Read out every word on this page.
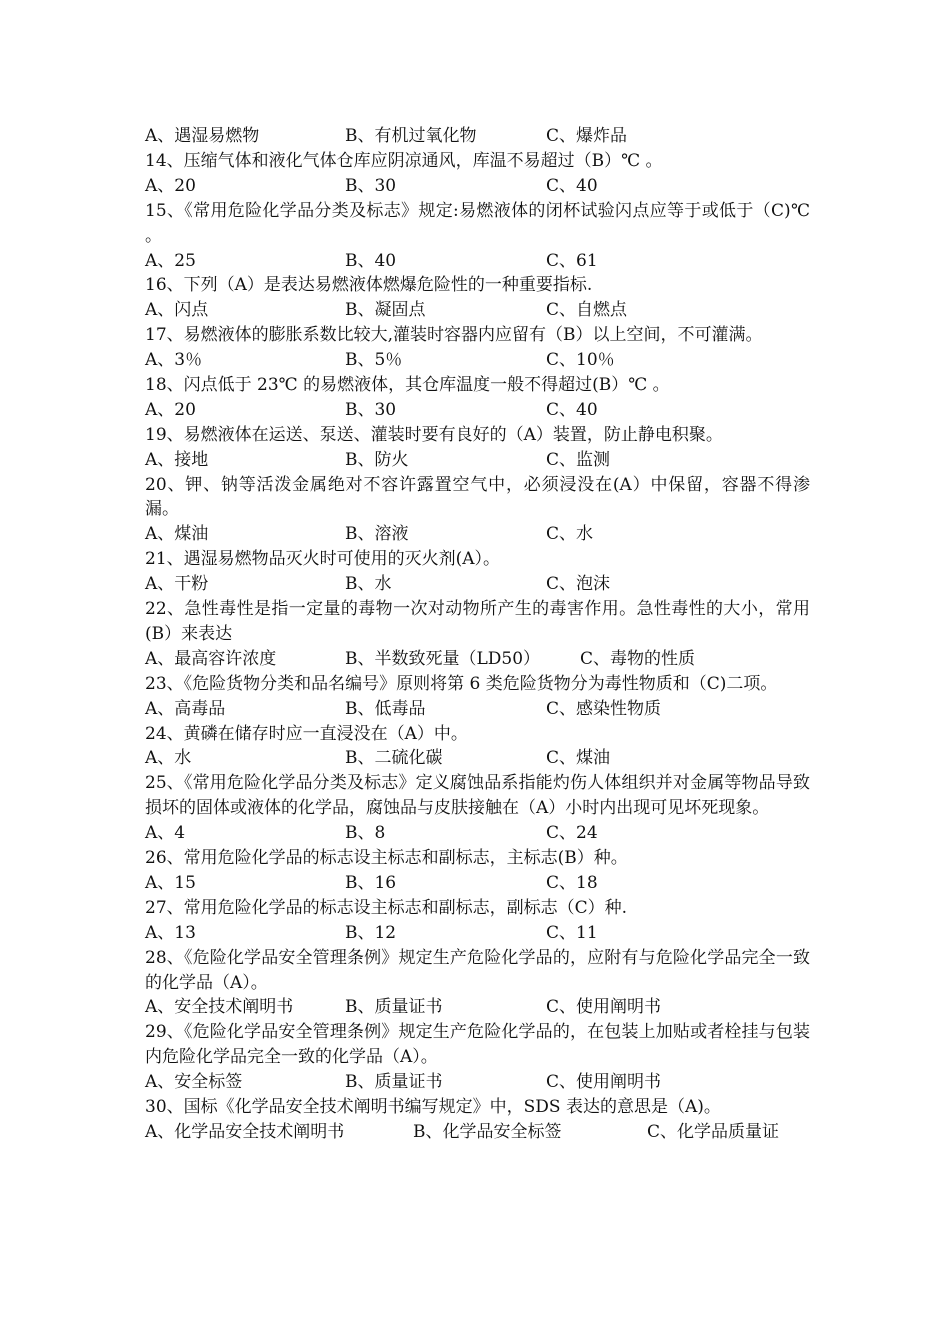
A、遇湿易燃物	B、有机过氧化物	C、爆炸品
14、压缩气体和液化气体仓库应阴凉通风，库温不易超过（B）℃ 。
A、20	B、30	C、40
15、《常用危险化学品分类及标志》规定:易燃液体的闭杯试验闪点应等于或低于（C)℃ 。
A、25	B、40	C、61
16、下列（A）是表达易燃液体燃爆危险性的一种重要指标.
A、闪点	B、凝固点	C、自燃点
17、易燃液体的膨胀系数比较大,灌装时容器内应留有（B）以上空间，不可灌满。
A、3％	B、5％	C、10％
18、闪点低于 23℃ 的易燃液体，其仓库温度一般不得超过(B）℃ 。
A、20	B、30	C、40
19、易燃液体在运送、泵送、灌装时要有良好的（A）装置，防止静电积聚。
A、接地	B、防火	C、监测
20、钾、钠等活泼金属绝对不容许露置空气中，必须浸没在(A）中保留，容器不得渗漏。
A、煤油	B、溶液	C、水
21、遇湿易燃物品灭火时可使用的灭火剂(A）。
A、干粉	B、水	C、泡沫
22、急性毒性是指一定量的毒物一次对动物所产生的毒害作用。急性毒性的大小，常用(B）来表达
A、最高容许浓度	B、半数致死量（LD50） C、毒物的性质
23、《危险货物分类和品名编号》原则将第 6 类危险货物分为毒性物质和（C)二项。
A、高毒品	B、低毒品	C、感染性物质
24、黄磷在储存时应一直浸没在（A）中。
A、水	B、二硫化碳	C、煤油
25、《常用危险化学品分类及标志》定义腐蚀品系指能灼伤人体组织并对金属等物品导致损坏的固体或液体的化学品，腐蚀品与皮肤接触在（A）小时内出现可见坏死现象。
A、4	B、8	C、24
26、常用危险化学品的标志设主标志和副标志，主标志(B）种。
A、15	B、16	C、18
27、常用危险化学品的标志设主标志和副标志，副标志（C）种.
A、13	B、12	C、11
28、《危险化学品安全管理条例》规定生产危险化学品的，应附有与危险化学品完全一致的化学品（A）。
A、安全技术阐明书	B、质量证书	C、使用阐明书
29、《危险化学品安全管理条例》规定生产危险化学品的，在包装上加贴或者栓挂与包装内危险化学品完全一致的化学品（A）。
A、安全标签	B、质量证书	C、使用阐明书
30、国标《化学品安全技术阐明书编写规定》中，SDS 表达的意思是（A)。
A、化学品安全技术阐明书	B、化学品安全标签	C、化学品质量证
